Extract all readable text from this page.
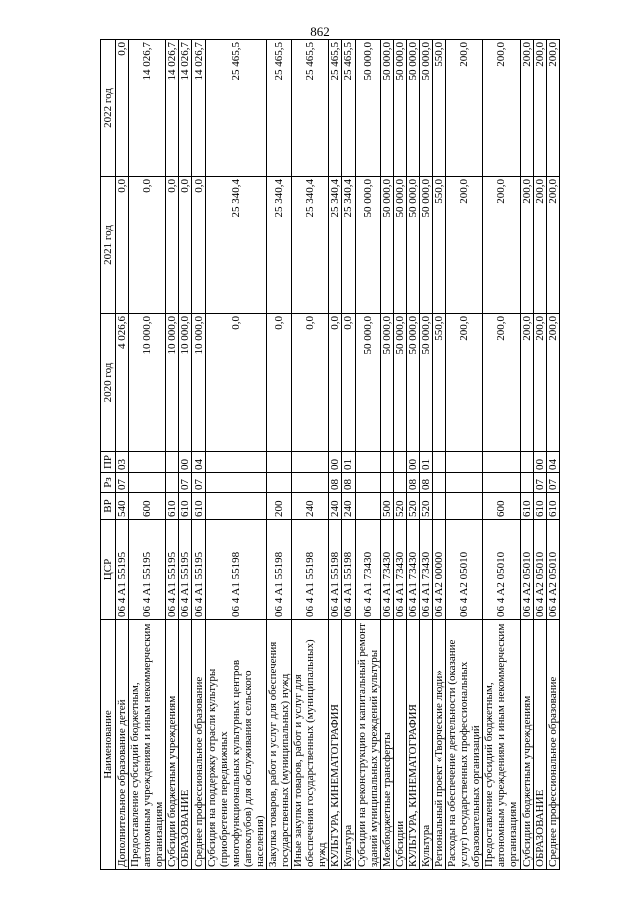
862
Наименование	ЦСР	ВР	Рз	ПР	2020 год	2021 год	2022 год
Дополнительное образование детей	06 4 A1 55195	540	07	03	4 026,6	0,0	0,0
Предоставление субсидий бюджетным, автономным учреждениям и иным некоммерческим организациям	06 4 A1 55195	600			10 000,0	0,0	14 026,7
Субсидии бюджетным учреждениям	06 4 A1 55195	610			10 000,0	0,0	14 026,7
ОБРАЗОВАНИЕ	06 4 A1 55195	610	07	00	10 000,0	0,0	14 026,7
Среднее профессиональное образование	06 4 A1 55195	610	07	04	10 000,0	0,0	14 026,7
Субсидия на поддержку отрасли культуры (приобретение передвижных многофункциональных культурных центров (автоклубов) для обслуживания сельского населения)	06 4 A1 55198				0,0	25 340,4	25 465,5
Закупка товаров, работ и услуг для обеспечения государственных (муниципальных) нужд	06 4 A1 55198	200			0,0	25 340,4	25 465,5
Иные закупки товаров, работ и услуг для обеспечения государственных (муниципальных) нужд	06 4 A1 55198	240			0,0	25 340,4	25 465,5
КУЛЬТУРА, КИНЕМАТОГРАФИЯ	06 4 A1 55198	240	08	00	0,0	25 340,4	25 465,5
Культура	06 4 A1 55198	240	08	01	0,0	25 340,4	25 465,5
Субсидии на реконструкцию и капитальный ремонт зданий муниципальных учреждений культуры	06 4 A1 73430				50 000,0	50 000,0	50 000,0
Межбюджетные трансферты	06 4 A1 73430	500			50 000,0	50 000,0	50 000,0
Субсидии	06 4 A1 73430	520			50 000,0	50 000,0	50 000,0
КУЛЬТУРА, КИНЕМАТОГРАФИЯ	06 4 A1 73430	520	08	00	50 000,0	50 000,0	50 000,0
Культура	06 4 A1 73430	520	08	01	50 000,0	50 000,0	50 000,0
Региональный проект «Творческие люди»	06 4 A2 00000				550,0	550,0	550,0
Расходы на обеспечение деятельности (оказание услуг) государственных профессиональных образовательных организаций	06 4 A2 05010				200,0	200,0	200,0
Предоставление субсидий бюджетным, автономным учреждениям и иным некоммерческим организациям	06 4 A2 05010	600			200,0	200,0	200,0
Субсидии бюджетным учреждениям	06 4 A2 05010	610			200,0	200,0	200,0
ОБРАЗОВАНИЕ	06 4 A2 05010	610	07	00	200,0	200,0	200,0
Среднее профессиональное образование	06 4 A2 05010	610	07	04	200,0	200,0	200,0
